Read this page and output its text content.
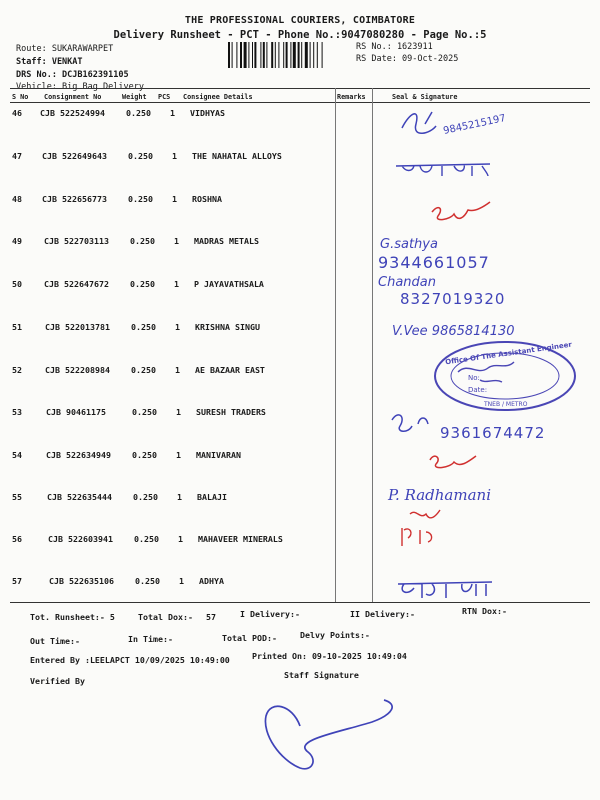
THE PROFESSIONAL COURIERS, COIMBATORE
Delivery Runsheet - PCT - Phone No.:9047080280 - Page No.:5
Route: SUKARAWARPET
Staff: VENKAT
DRS No.: DCJB162391105
Vehicle: Big Bag Delivery
RS No.: 1623911
RS Date: 09-Oct-2025
S No Consignment No	Weight PCS Consignee Details	Remarks	Seal & Signature
46 CJB 522524994	0.250 1 VIDHYAS
47 CJB 522649643	0.250 1 THE NAHATAL ALLOYS
48 CJB 522656773	0.250 1 ROSHNA
49	CJB 522703113	0.250 1 MADRAS METALS
50	CJB 522647672	0.250 1 P JAYAVATHSALA
51	CJB 522013781	0.250 1 KRISHNA SINGU
52	CJB 522208984	0.250 1 AE BAZAAR EAST
53	CJB 90461175	0.250 1 SURESH TRADERS
54	CJB 522634949	0.250 1 MANIVARAN
55	CJB 522635444	0.250 1 BALAJI
56	CJB 522603941	0.250 1 MAHAVEER MINERALS
57	CJB 522635106	0.250 1 ADHYA
Tot. Runsheet:- 5	Total Dox:- 57	I Delivery:-	II Delivery:-	RTN Dox:-
Out Time:-	In Time:-	Total POD:-	Delvy Points:-
Entered By :LEELAPCT 10/09/2025 10:49:00	Printed On: 09-10-2025 10:49:04
Staff Signature
Verified By
9845215197
G.sathya
9344661057
Chandan
8327019320
V.Vee 9865814130
Office Of The Assistant Engineer
No:
Date:
TNEB / METRO
9361674472
P. Radhamani
